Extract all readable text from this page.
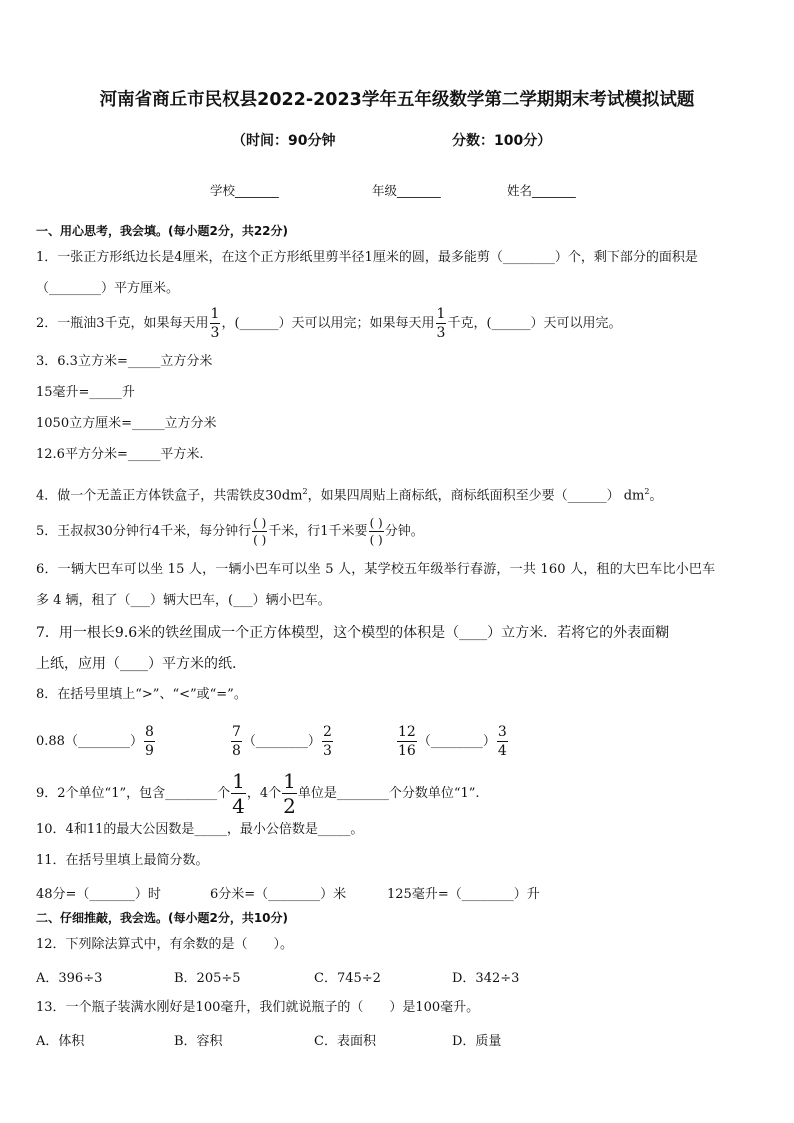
河南省商丘市民权县2022-2023学年五年级数学第二学期期末考试模拟试题
（时间：90分钟	分数：100分）
学校_______	年级_______	姓名_______
一、用心思考，我会填。(每小题2分，共22分)
1．一张正方形纸边长是4厘米，在这个正方形纸里剪半径1厘米的圆，最多能剪（________）个，剩下部分的面积是
（________）平方厘米。
2．一瓶油3千克，如果每天用 $\frac{1}{3}$ ，(______）天可以用完；如果每天用 $\frac{1}{3}$ 千克，(______）天可以用完。
3．6.3立方米=_____立方分米
15毫升=_____升
1050立方厘米=_____立方分米
12.6平方分米=_____平方米.
4．做一个无盖正方体铁盒子，共需铁皮$30dm^2$，如果四周贴上商标纸，商标纸面积至少要（______） $dm^2$。
5．王叔叔30分钟行4千米，每分钟行 $\frac{( )}{( )}$ 千米，行1千米要 $\frac{( )}{( )}$ 分钟。
6．一辆大巴车可以坐 15 人，一辆小巴车可以坐 5 人，某学校五年级举行春游，一共 160 人，租的大巴车比小巴车
多 4 辆，租了（___）辆大巴车，(___）辆小巴车。
7．用一根长9.6米的铁丝围成一个正方体模型，这个模型的体积是（____）立方米．若将它的外表面糊
上纸，应用（____）平方米的纸.
8．在括号里填上“>”、“<”或“=”。
0.88（________） $\frac{8}{9}$	$\frac{7}{8}$ （________） $\frac{2}{3}$	$\frac{12}{16}$ （________） $\frac{3}{4}$
9．2个单位“1”，包含________个 $\frac{1}{4}$ ，4个 $\frac{1}{2}$ 单位是________个分数单位“1”.
10．4和11的最大公因数是_____，最小公倍数是_____。
11．在括号里填上最简分数。
48分=（_______）时	6分米=（________）米	125毫升=（________）升
二、仔细推敲，我会选。(每小题2分，共10分)
12．下列除法算式中，有余数的是（　　）。
A．396÷3	B．205÷5	C．745÷2	D．342÷3
13．一个瓶子装满水刚好是100毫升，我们就说瓶子的（　　）是100毫升。
A．体积	B．容积	C．表面积	D．质量
